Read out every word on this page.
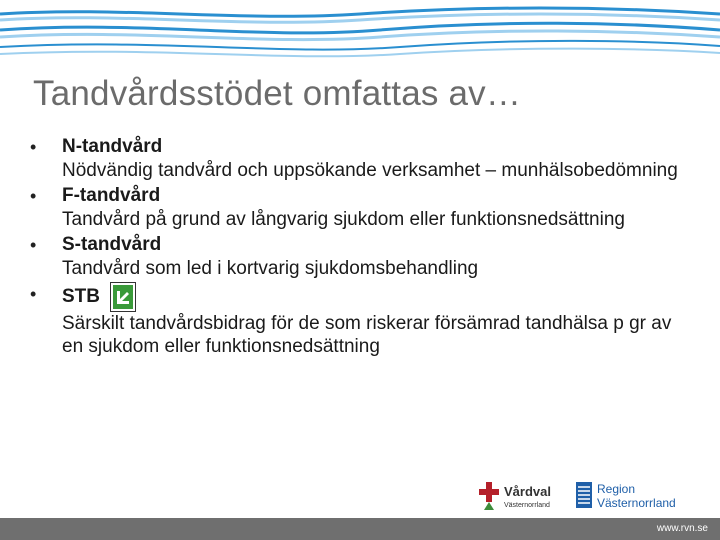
Tandvårdsstödet omfattas av…
• N-tandvård
Nödvändig tandvård och uppsökande verksamhet – munhälsobedömning
• F-tandvård
Tandvård på grund av långvarig sjukdom eller funktionsnedsättning
• S-tandvård
Tandvård som led i kortvarig sjukdomsbehandling
• STB
Särskilt tandvårdsbidrag för de som riskerar försämrad tandhälsa p gr av en sjukdom eller funktionsnedsättning
Vårdval
Västernorrland
Region
Västernorrland
www.rvn.se
